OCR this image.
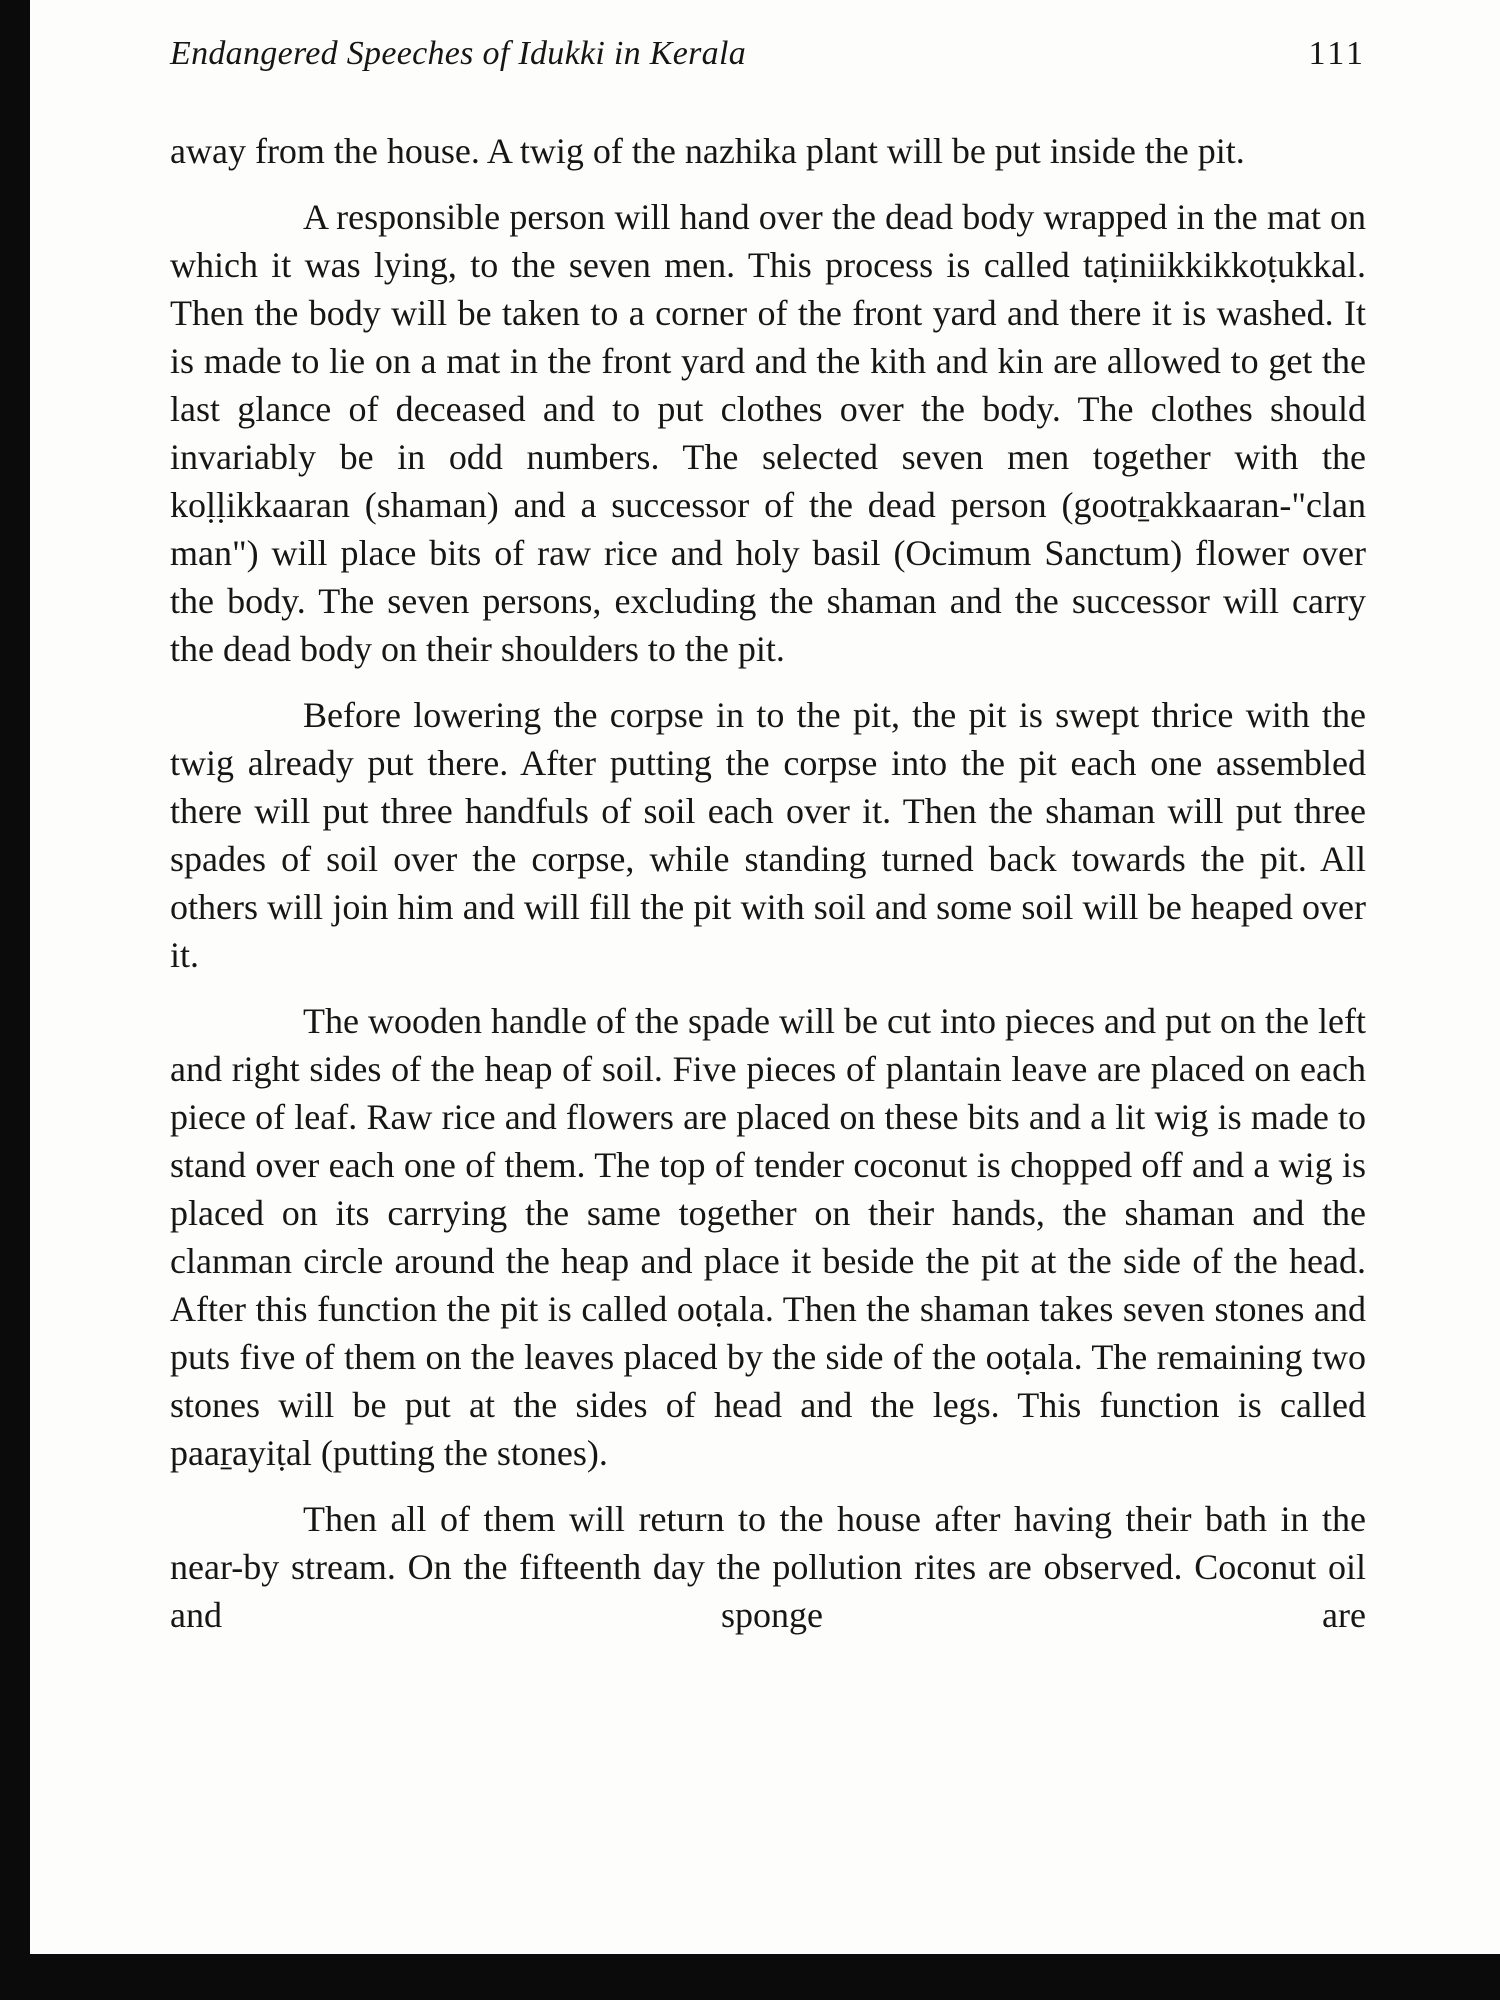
Endangered Speeches of Idukki in Kerala	111

away from the house. A twig of the nazhika plant will be put inside the pit.

A responsible person will hand over the dead body wrapped in the mat on which it was lying, to the seven men. This process is called taṭiniikkikkoṭukkal. Then the body will be taken to a corner of the front yard and there it is washed. It is made to lie on a mat in the front yard and the kith and kin are allowed to get the last glance of deceased and to put clothes over the body. The clothes should invariably be in odd numbers. The selected seven men together with the koḷḷikkaaran (shaman) and a successor of the dead person (gootṟakkaaran-"clan man") will place bits of raw rice and holy basil (Ocimum Sanctum) flower over the body. The seven persons, excluding the shaman and the successor will carry the dead body on their shoulders to the pit.

Before lowering the corpse in to the pit, the pit is swept thrice with the twig already put there. After putting the corpse into the pit each one assembled there will put three handfuls of soil each over it. Then the shaman will put three spades of soil over the corpse, while standing turned back towards the pit. All others will join him and will fill the pit with soil and some soil will be heaped over it.

The wooden handle of the spade will be cut into pieces and put on the left and right sides of the heap of soil. Five pieces of plantain leave are placed on each piece of leaf. Raw rice and flowers are placed on these bits and a lit wig is made to stand over each one of them. The top of tender coconut is chopped off and a wig is placed on its carrying the same together on their hands, the shaman and the clanman circle around the heap and place it beside the pit at the side of the head. After this function the pit is called ooṭala. Then the shaman takes seven stones and puts five of them on the leaves placed by the side of the ooṭala. The remaining two stones will be put at the sides of head and the legs. This function is called paaṟayiṭal (putting the stones).

Then all of them will return to the house after having their bath in the near-by stream. On the fifteenth day the pollution rites are observed. Coconut oil and sponge are
